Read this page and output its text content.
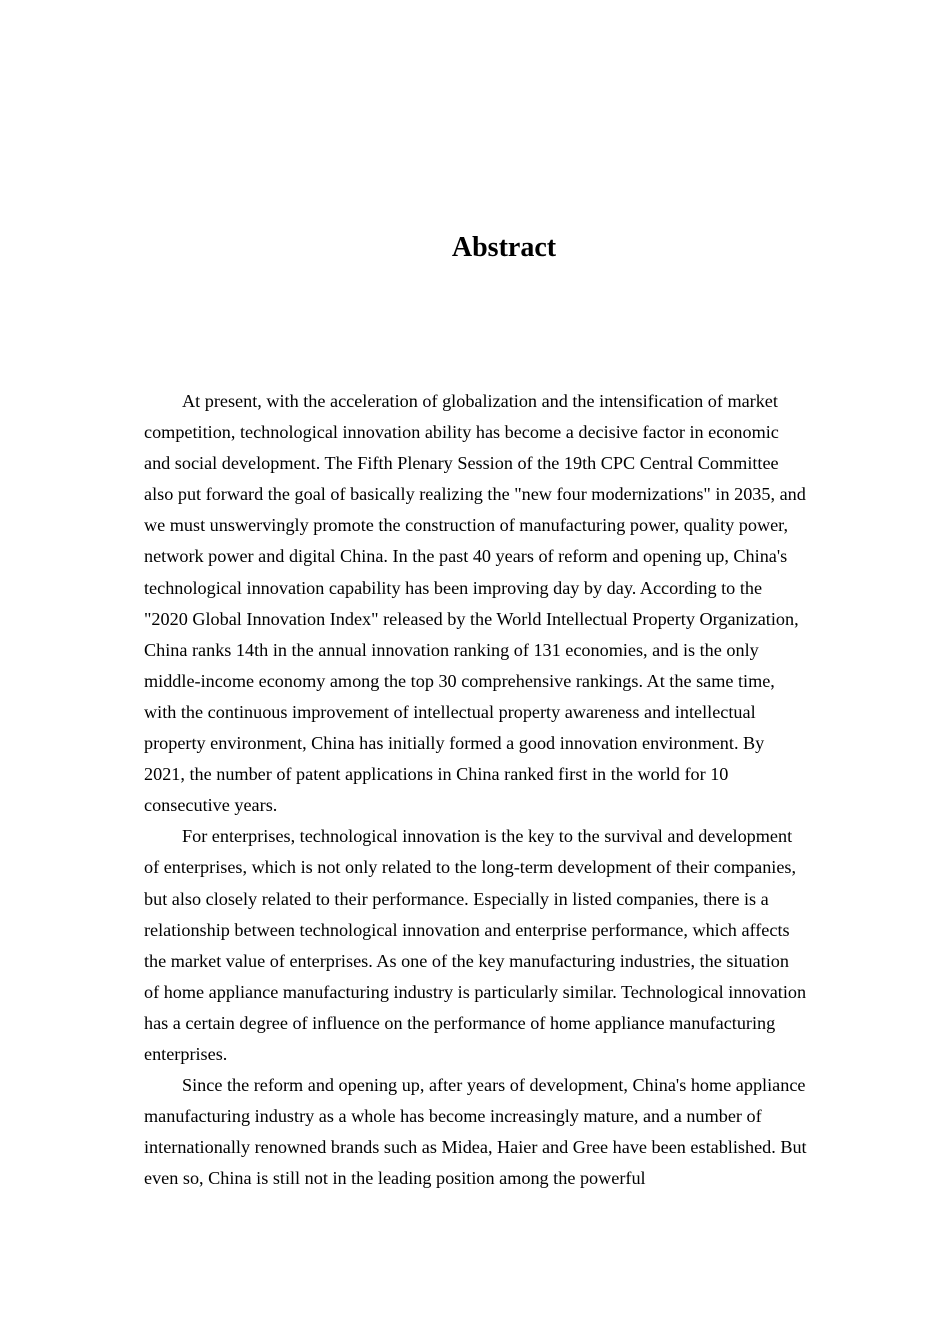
Abstract

At present, with the acceleration of globalization and the intensification of market competition, technological innovation ability has become a decisive factor in economic and social development. The Fifth Plenary Session of the 19th CPC Central Committee also put forward the goal of basically realizing the "new four modernizations" in 2035, and we must unswervingly promote the construction of manufacturing power, quality power, network power and digital China. In the past 40 years of reform and opening up, China's technological innovation capability has been improving day by day. According to the "2020 Global Innovation Index" released by the World Intellectual Property Organization, China ranks 14th in the annual innovation ranking of 131 economies, and is the only middle-income economy among the top 30 comprehensive rankings. At the same time, with the continuous improvement of intellectual property awareness and intellectual property environment, China has initially formed a good innovation environment. By 2021, the number of patent applications in China ranked first in the world for 10 consecutive years.

For enterprises, technological innovation is the key to the survival and development of enterprises, which is not only related to the long-term development of their companies, but also closely related to their performance. Especially in listed companies, there is a relationship between technological innovation and enterprise performance, which affects the market value of enterprises. As one of the key manufacturing industries, the situation of home appliance manufacturing industry is particularly similar. Technological innovation has a certain degree of influence on the performance of home appliance manufacturing enterprises.

Since the reform and opening up, after years of development, China's home appliance manufacturing industry as a whole has become increasingly mature, and a number of internationally renowned brands such as Midea, Haier and Gree have been established. But even so, China is still not in the leading position among the powerful
